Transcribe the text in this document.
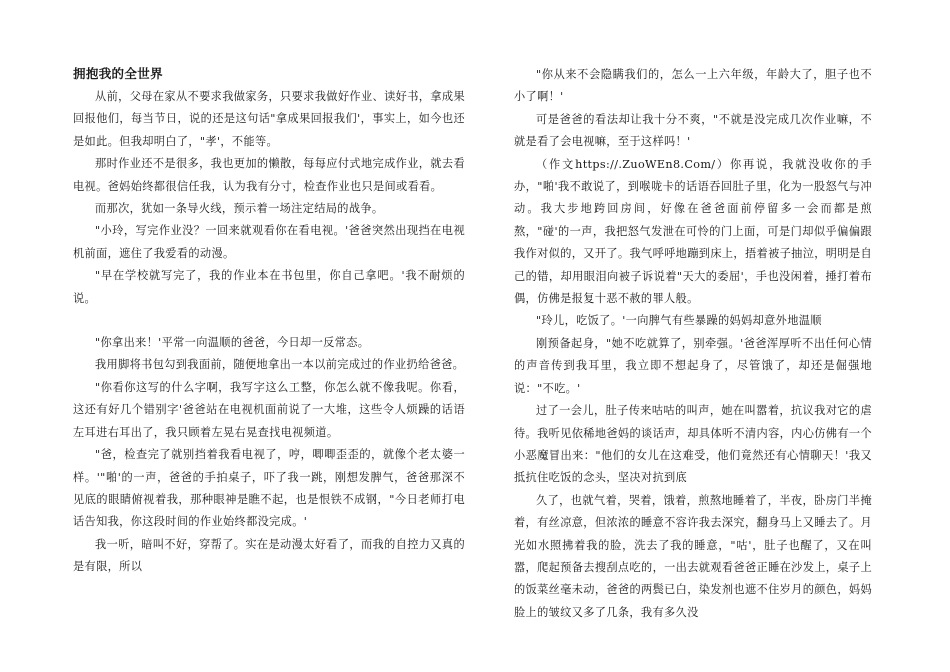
拥抱我的全世界

从前，父母在家从不要求我做家务，只要求我做好作业、读好书，拿成果回报他们，每当节日，说的还是这句话"拿成果回报我们'，事实上，如今也还是如此。但我却明白了，"孝'，不能等。

那时作业还不是很多，我也更加的懒散，每每应付式地完成作业，就去看电视。爸妈始终都很信任我，认为我有分寸，检查作业也只是间或看看。

而那次，犹如一条导火线，预示着一场注定结局的战争。

"小玲，写完作业没？一回来就观看你在看电视。'爸爸突然出现挡在电视机前面，遮住了我爱看的动漫。

"早在学校就写完了，我的作业本在书包里，你自己拿吧。'我不耐烦的说。

"你拿出来！'平常一向温顺的爸爸，今日却一反常态。

我用脚将书包勾到我面前，随便地拿出一本以前完成过的作业扔给爸爸。

"你看你这写的什么字啊，我写字这么工整，你怎么就不像我呢。你看，这还有好几个错别字'爸爸站在电视机面前说了一大堆，这些令人烦躁的话语左耳进右耳出了，我只顾着左晃右晃查找电视频道。

"爸，检查完了就别挡着我看电视了，哼，唧唧歪歪的，就像个老太婆一样。'"啪'的一声，爸爸的手拍桌子，吓了我一跳，刚想发脾气，爸爸那深不见底的眼睛俯视着我，那种眼神是瞧不起，也是恨铁不成钢，"今日老师打电话告知我，你这段时间的作业始终都没完成。'

我一听，暗叫不好，穿帮了。实在是动漫太好看了，而我的自控力又真的是有限，所以

"你从来不会隐瞒我们的，怎么一上六年级，年龄大了，胆子也不小了啊！'

可是爸爸的看法却让我十分不爽，"不就是没完成几次作业嘛，不就是看了会电视嘛，至于这样吗！'

（作文https://.ZuoWEn8.Com/）你再说，我就没收你的手办，"啪'我不敢说了，到喉咙卡的话语吞回肚子里，化为一股怒气与冲动。我大步地跨回房间，好像在爸爸面前停留多一会而都是煎熬，"碰'的一声，我把怒气发泄在可怜的门上面，可是门却似乎偏偏跟我作对似的，又开了。我气呼呼地蹦到床上，捂着被子抽泣，明明是自己的错，却用眼泪向被子诉说着"天大的委屈'，手也没闲着，捶打着布偶，仿佛是报复十恶不赦的罪人般。

"玲儿，吃饭了。'一向脾气有些暴躁的妈妈却意外地温顺

刚预备起身，"她不吃就算了，别牵强。'爸爸浑厚听不出任何心情的声音传到我耳里，我立即不想起身了，尽管饿了，却还是倔强地说："不吃。'

过了一会儿，肚子传来咕咕的叫声，她在叫嚣着，抗议我对它的虐待。我听见依稀地爸妈的谈话声，却具体听不清内容，内心仿佛有一个小恶魔冒出来："他们的女儿在这难受，他们竟然还有心情聊天！'我又抵抗住吃饭的念头，坚决对抗到底

久了，也就气着，哭着，饿着，煎熬地睡着了，半夜，卧房门半掩着，有丝凉意，但浓浓的睡意不容许我去深究，翻身马上又睡去了。月光如水照拂着我的脸，洗去了我的睡意，"咕'，肚子也醒了，又在叫嚣，爬起预备去搜刮点吃的，一出去就观看爸爸正睡在沙发上，桌子上的饭菜丝毫未动，爸爸的两鬓已白，染发剂也遮不住岁月的颜色，妈妈脸上的皱纹又多了几条，我有多久没
